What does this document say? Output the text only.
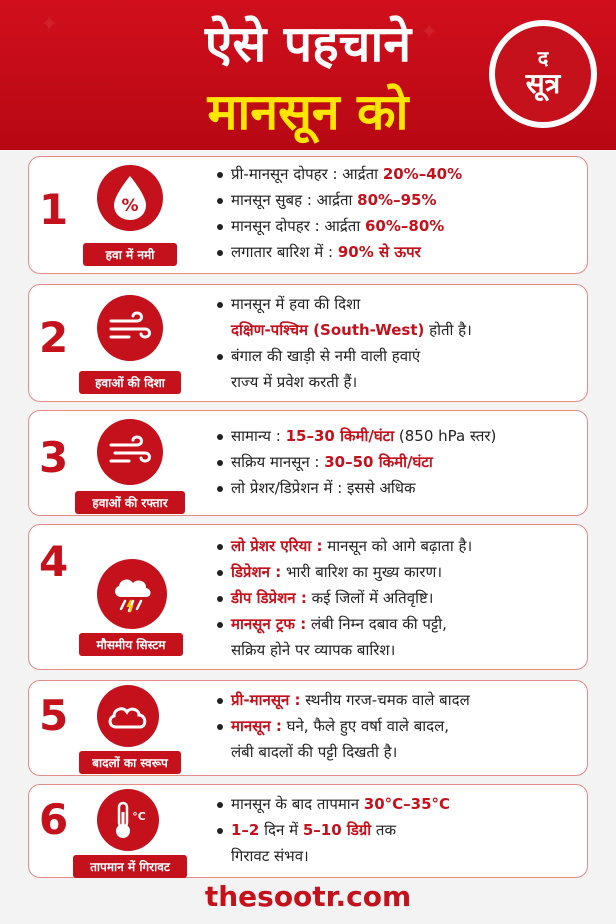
✦	✦
ऐसे पहचाने
मानसून को
द
सूत्र
1	%
हवा में नमी
प्री-मानसून दोपहर : आर्द्रता 20%–40%
मानसून सुबह : आर्द्रता 80%–95%
मानसून दोपहर : आर्द्रता 60%–80%
लगातार बारिश में : 90% से ऊपर
2
हवाओं की दिशा
मानसून में हवा की दिशा
दक्षिण-पश्चिम (South-West) होती है।
बंगाल की खाड़ी से नमी वाली हवाएं
राज्य में प्रवेश करती हैं।
3
हवाओं की रफ्तार
सामान्य : 15–30 किमी/घंटा (850 hPa स्तर)
सक्रिय मानसून : 30–50 किमी/घंटा
लो प्रेशर/डिप्रेशन में : इससे अधिक
4
मौसमीय सिस्टम
लो प्रेशर एरिया : मानसून को आगे बढ़ाता है।
डिप्रेशन : भारी बारिश का मुख्य कारण।
डीप डिप्रेशन : कई जिलों में अतिवृष्टि।
मानसून ट्रफ : लंबी निम्न दबाव की पट्टी,
सक्रिय होने पर व्यापक बारिश।
5
बादलों का स्वरूप
प्री-मानसून : स्थनीय गरज-चमक वाले बादल
मानसून : घने, फैले हुए वर्षा वाले बादल,
लंबी बादलों की पट्टी दिखती है।
6	°C
तापमान में गिरावट
मानसून के बाद तापमान 30°C–35°C
1–2 दिन में 5–10 डिग्री तक
गिरावट संभव।
thesootr.com
